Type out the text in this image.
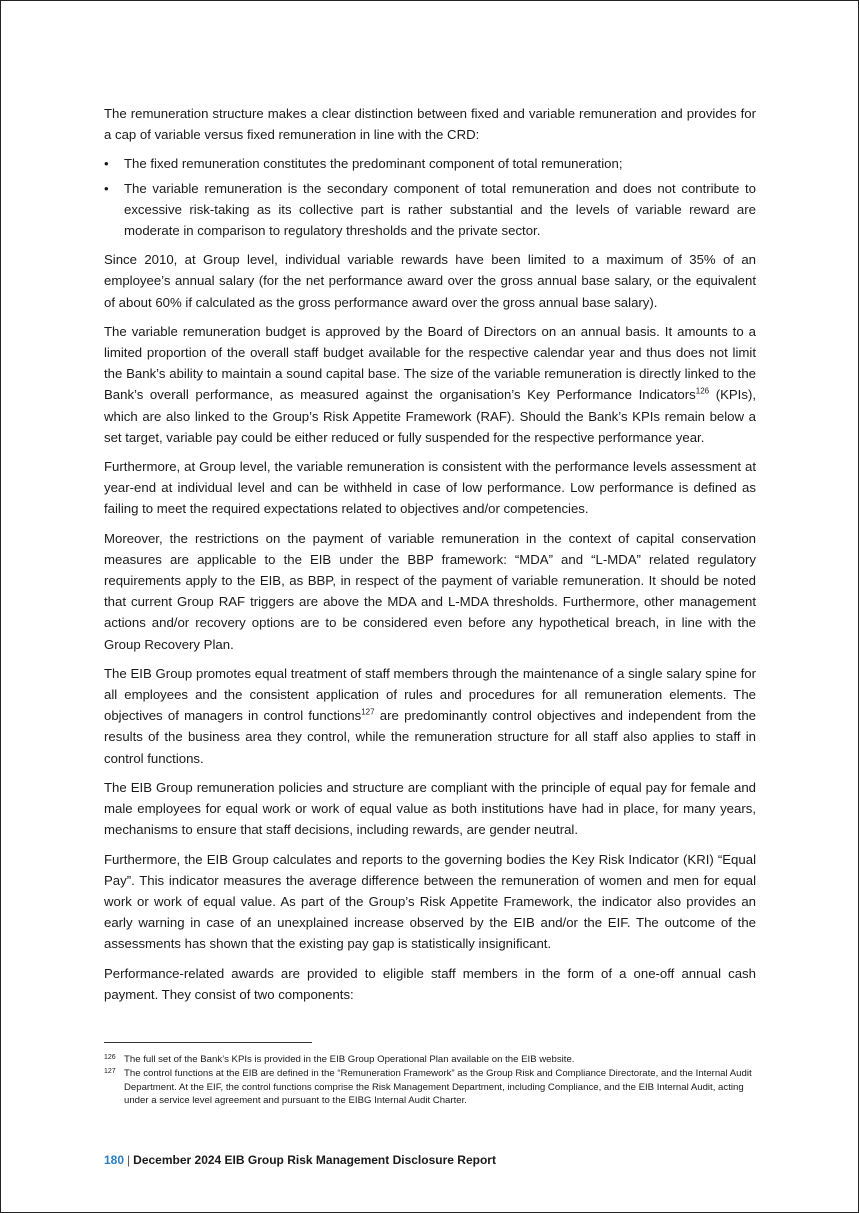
The remuneration structure makes a clear distinction between fixed and variable remuneration and provides for a cap of variable versus fixed remuneration in line with the CRD:

•	The fixed remuneration constitutes the predominant component of total remuneration;
•	The variable remuneration is the secondary component of total remuneration and does not contribute to excessive risk-taking as its collective part is rather substantial and the levels of variable reward are moderate in comparison to regulatory thresholds and the private sector.

Since 2010, at Group level, individual variable rewards have been limited to a maximum of 35% of an employee’s annual salary (for the net performance award over the gross annual base salary, or the equivalent of about 60% if calculated as the gross performance award over the gross annual base salary).

The variable remuneration budget is approved by the Board of Directors on an annual basis. It amounts to a limited proportion of the overall staff budget available for the respective calendar year and thus does not limit the Bank’s ability to maintain a sound capital base. The size of the variable remuneration is directly linked to the Bank’s overall performance, as measured against the organisation’s Key Performance Indicators$^{126}$ (KPIs), which are also linked to the Group’s Risk Appetite Framework (RAF). Should the Bank’s KPIs remain below a set target, variable pay could be either reduced or fully suspended for the respective performance year.

Furthermore, at Group level, the variable remuneration is consistent with the performance levels assessment at year-end at individual level and can be withheld in case of low performance. Low performance is defined as failing to meet the required expectations related to objectives and/or competencies.

Moreover, the restrictions on the payment of variable remuneration in the context of capital conservation measures are applicable to the EIB under the BBP framework: “MDA” and “L-MDA” related regulatory requirements apply to the EIB, as BBP, in respect of the payment of variable remuneration. It should be noted that current Group RAF triggers are above the MDA and L-MDA thresholds. Furthermore, other management actions and/or recovery options are to be considered even before any hypothetical breach, in line with the Group Recovery Plan.

The EIB Group promotes equal treatment of staff members through the maintenance of a single salary spine for all employees and the consistent application of rules and procedures for all remuneration elements. The objectives of managers in control functions$^{127}$ are predominantly control objectives and independent from the results of the business area they control, while the remuneration structure for all staff also applies to staff in control functions.

The EIB Group remuneration policies and structure are compliant with the principle of equal pay for female and male employees for equal work or work of equal value as both institutions have had in place, for many years, mechanisms to ensure that staff decisions, including rewards, are gender neutral.

Furthermore, the EIB Group calculates and reports to the governing bodies the Key Risk Indicator (KRI) “Equal Pay”. This indicator measures the average difference between the remuneration of women and men for equal work or work of equal value. As part of the Group’s Risk Appetite Framework, the indicator also provides an early warning in case of an unexplained increase observed by the EIB and/or the EIF. The outcome of the assessments has shown that the existing pay gap is statistically insignificant.

Performance-related awards are provided to eligible staff members in the form of a one-off annual cash payment. They consist of two components:

126 The full set of the Bank’s KPIs is provided in the EIB Group Operational Plan available on the EIB website.
127 The control functions at the EIB are defined in the “Remuneration Framework” as the Group Risk and Compliance Directorate, and the Internal Audit Department. At the EIF, the control functions comprise the Risk Management Department, including Compliance, and the EIB Internal Audit, acting under a service level agreement and pursuant to the EIBG Internal Audit Charter.
180 | December 2024 EIB Group Risk Management Disclosure Report
